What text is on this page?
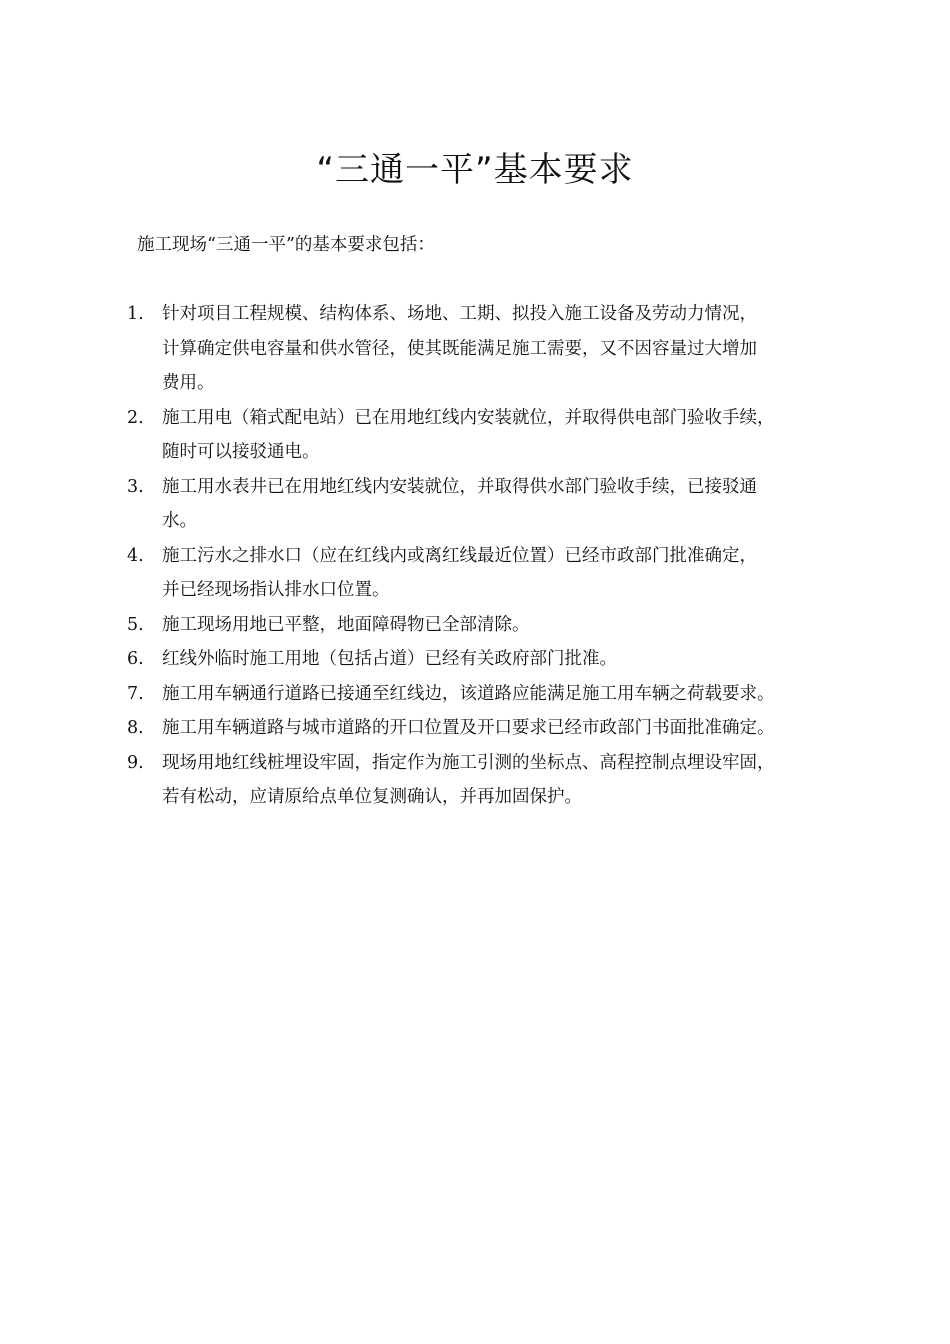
“三通一平”基本要求

施工现场“三通一平”的基本要求包括：

1.	针对项目工程规模、结构体系、场地、工期、拟投入施工设备及劳动力情况，
计算确定供电容量和供水管径，使其既能满足施工需要，又不因容量过大增加
费用。
2.	施工用电（箱式配电站）已在用地红线内安装就位，并取得供电部门验收手续，
随时可以接驳通电。
3.	施工用水表井已在用地红线内安装就位，并取得供水部门验收手续，已接驳通
水。
4.	施工污水之排水口（应在红线内或离红线最近位置）已经市政部门批准确定，
并已经现场指认排水口位置。
5.	施工现场用地已平整，地面障碍物已全部清除。
6.	红线外临时施工用地（包括占道）已经有关政府部门批准。
7.	施工用车辆通行道路已接通至红线边，该道路应能满足施工用车辆之荷载要求。
8.	施工用车辆道路与城市道路的开口位置及开口要求已经市政部门书面批准确定。
9.	现场用地红线桩埋设牢固，指定作为施工引测的坐标点、高程控制点埋设牢固，
若有松动，应请原给点单位复测确认，并再加固保护。
